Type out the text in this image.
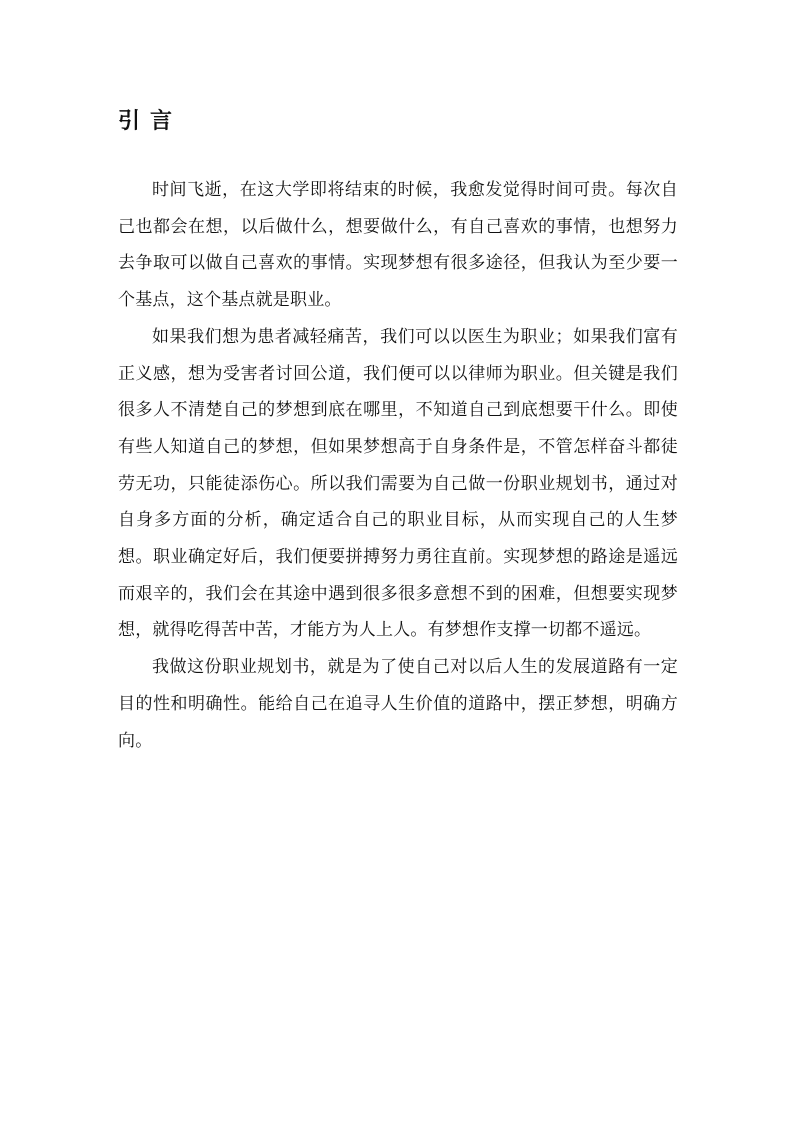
引言

时间飞逝，在这大学即将结束的时候，我愈发觉得时间可贵。每次自己也都会在想，以后做什么，想要做什么，有自己喜欢的事情，也想努力去争取可以做自己喜欢的事情。实现梦想有很多途径，但我认为至少要一个基点，这个基点就是职业。

如果我们想为患者减轻痛苦，我们可以以医生为职业；如果我们富有正义感，想为受害者讨回公道，我们便可以以律师为职业。但关键是我们很多人不清楚自己的梦想到底在哪里，不知道自己到底想要干什么。即使有些人知道自己的梦想，但如果梦想高于自身条件是，不管怎样奋斗都徒劳无功，只能徒添伤心。所以我们需要为自己做一份职业规划书，通过对自身多方面的分析，确定适合自己的职业目标，从而实现自己的人生梦想。职业确定好后，我们便要拼搏努力勇往直前。实现梦想的路途是遥远而艰辛的，我们会在其途中遇到很多很多意想不到的困难，但想要实现梦想，就得吃得苦中苦，才能方为人上人。有梦想作支撑一切都不遥远。

我做这份职业规划书，就是为了使自己对以后人生的发展道路有一定目的性和明确性。能给自己在追寻人生价值的道路中，摆正梦想，明确方向。
